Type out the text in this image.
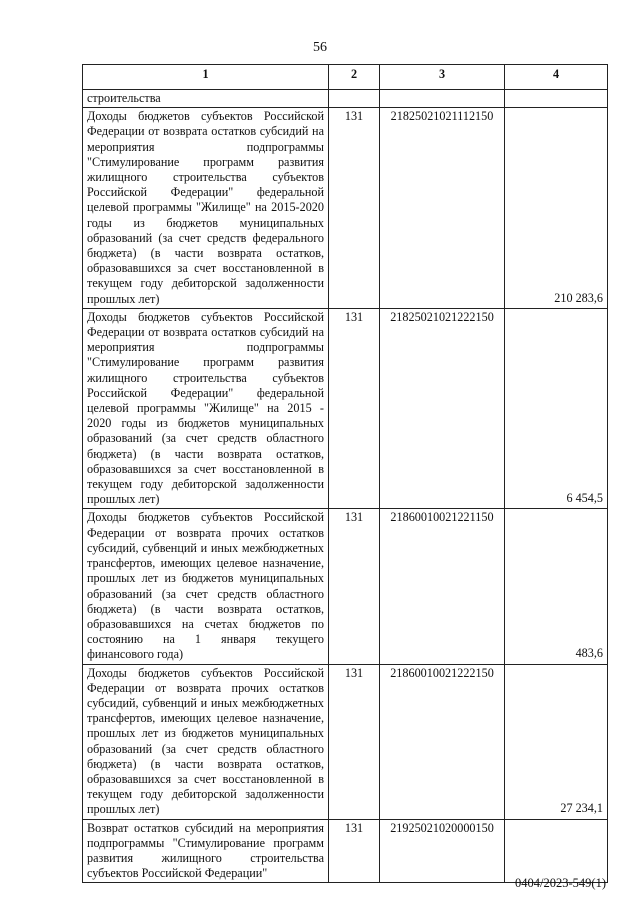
56
1	2	3	4
строительства			
Доходы бюджетов субъектов Российской Федерации от возврата остатков субсидий на мероприятия подпрограммы "Стимулирование программ развития жилищного строительства субъектов Российской Федерации" федеральной целевой программы "Жилище" на 2015-2020 годы из бюджетов муниципальных образований (за счет средств федерального бюджета) (в части возврата остатков, образовавшихся за счет восстановленной в текущем году дебиторской задолженности прошлых лет)	131	21825021021112150	210 283,6
Доходы бюджетов субъектов Российской Федерации от возврата остатков субсидий на мероприятия подпрограммы "Стимулирование программ развития жилищного строительства субъектов Российской Федерации" федеральной целевой программы "Жилище" на 2015 - 2020 годы из бюджетов муниципальных образований (за счет средств областного бюджета) (в части возврата остатков, образовавшихся за счет восстановленной в текущем году дебиторской задолженности прошлых лет)	131	21825021021222150	6 454,5
Доходы бюджетов субъектов Российской Федерации от возврата прочих остатков субсидий, субвенций и иных межбюджетных трансфертов, имеющих целевое назначение, прошлых лет из бюджетов муниципальных образований (за счет средств областного бюджета) (в части возврата остатков, образовавшихся на счетах бюджетов по состоянию на 1 января текущего финансового года)	131	21860010021221150	483,6
Доходы бюджетов субъектов Российской Федерации от возврата прочих остатков субсидий, субвенций и иных межбюджетных трансфертов, имеющих целевое назначение, прошлых лет из бюджетов муниципальных образований (за счет средств областного бюджета) (в части возврата остатков, образовавшихся за счет восстановленной в текущем году дебиторской задолженности прошлых лет)	131	21860010021222150	27 234,1
Возврат остатков субсидий на мероприятия подпрограммы "Стимулирование программ развития жилищного строительства субъектов Российской Федерации"	131	21925021020000150	
0404/2023-549(1)
